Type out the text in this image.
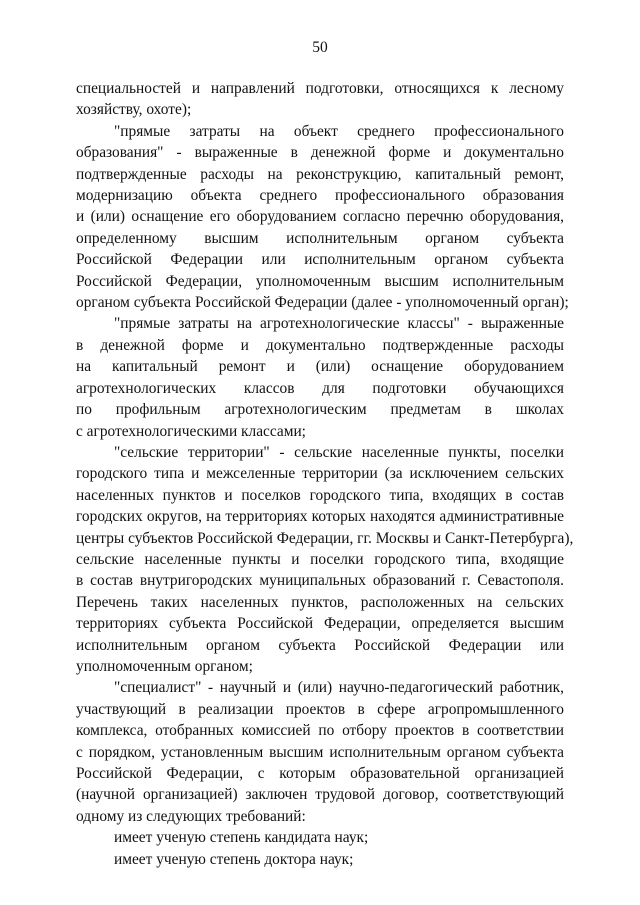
50
специальностей и направлений подготовки, относящихся к лесному
хозяйству, охоте);
"прямые затраты на объект среднего профессионального
образования" - выраженные в денежной форме и документально
подтвержденные расходы на реконструкцию, капитальный ремонт,
модернизацию объекта среднего профессионального образования
и (или) оснащение его оборудованием согласно перечню оборудования,
определенному высшим исполнительным органом субъекта
Российской Федерации или исполнительным органом субъекта
Российской Федерации, уполномоченным высшим исполнительным
органом субъекта Российской Федерации (далее - уполномоченный орган);
"прямые затраты на агротехнологические классы" - выраженные
в денежной форме и документально подтвержденные расходы
на капитальный ремонт и (или) оснащение оборудованием
агротехнологических классов для подготовки обучающихся
по профильным агротехнологическим предметам в школах
с агротехнологическими классами;
"сельские территории" - сельские населенные пункты, поселки
городского типа и межселенные территории (за исключением сельских
населенных пунктов и поселков городского типа, входящих в состав
городских округов, на территориях которых находятся административные
центры субъектов Российской Федерации, гг. Москвы и Санкт-Петербурга),
сельские населенные пункты и поселки городского типа, входящие
в состав внутригородских муниципальных образований г. Севастополя.
Перечень таких населенных пунктов, расположенных на сельских
территориях субъекта Российской Федерации, определяется высшим
исполнительным органом субъекта Российской Федерации или
уполномоченным органом;
"специалист" - научный и (или) научно-педагогический работник,
участвующий в реализации проектов в сфере агропромышленного
комплекса, отобранных комиссией по отбору проектов в соответствии
с порядком, установленным высшим исполнительным органом субъекта
Российской Федерации, с которым образовательной организацией
(научной организацией) заключен трудовой договор, соответствующий
одному из следующих требований:
имеет ученую степень кандидата наук;
имеет ученую степень доктора наук;
